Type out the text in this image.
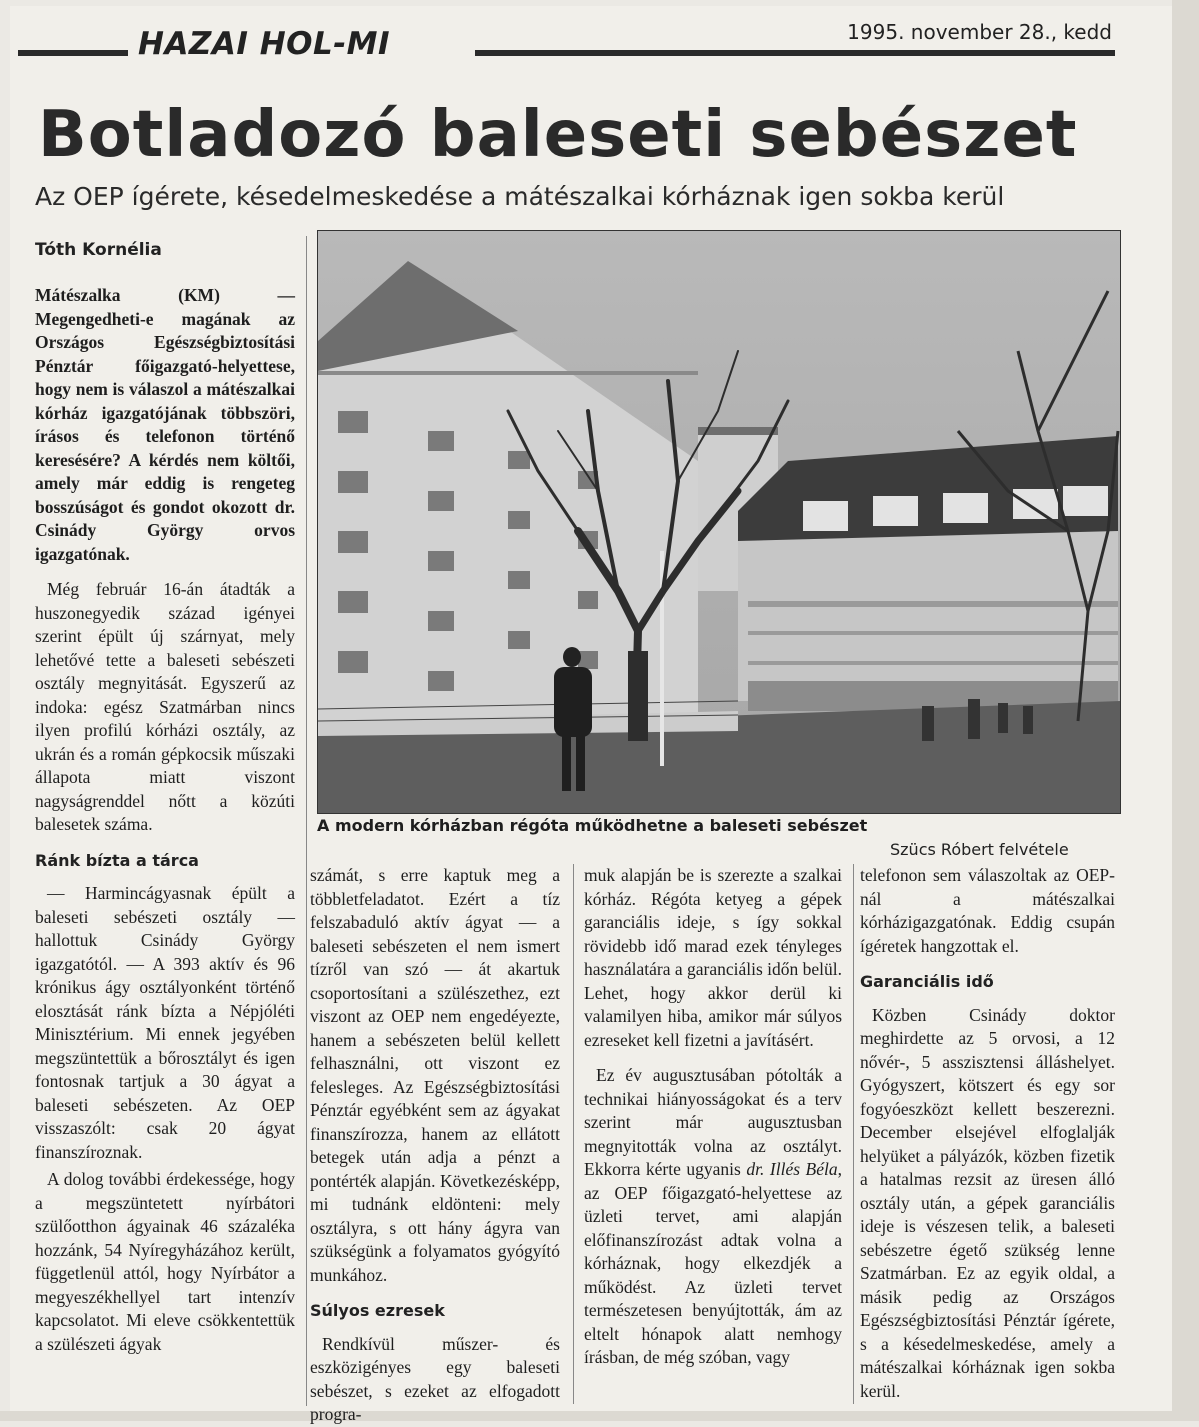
HAZAI HOL-MI	1995. november 28., kedd
Botladozó baleseti sebészet
Az OEP ígérete, késedelmeskedése a mátészalkai kórháznak igen sokba kerül
Tóth Kornélia

Mátészalka (KM) — Megengedheti-e magának az Országos Egészségbiztosítási Pénztár főigazgató-helyettese, hogy nem is válaszol a mátészalkai kórház igazgatójának többszöri, írásos és telefonon történő keresésére? A kérdés nem költői, amely már eddig is rengeteg bosszúságot és gondot okozott dr. Csinády György orvos igazgatónak.

Még február 16-án átadták a huszonegyedik század igényei szerint épült új szárnyat, mely lehetővé tette a baleseti sebészeti osztály megnyitását. Egyszerű az indoka: egész Szatmárban nincs ilyen profilú kórházi osztály, az ukrán és a román gépkocsik műszaki állapota miatt viszont nagyságrenddel nőtt a közúti balesetek száma.

Ránk bízta a tárca

— Harmincágyasnak épült a baleseti sebészeti osztály — hallottuk Csinády György igazgatótól. — A 393 aktív és 96 krónikus ágy osztályonként történő elosztását ránk bízta a Népjóléti Minisztérium. Mi ennek jegyében megszüntettük a bőrosztályt és igen fontosnak tartjuk a 30 ágyat a baleseti sebészeten. Az OEP visszaszólt: csak 20 ágyat finanszíroznak.

A dolog további érdekessége, hogy a megszüntetett nyírbátori szülőotthon ágyainak 46 százaléka hozzánk, 54 Nyíregyházához került, függetlenül attól, hogy Nyírbátor a megyeszékhellyel tart intenzív kapcsolatot. Mi eleve csökkentettük a szülészeti ágyak

A modern kórházban régóta működhetne a baleseti sebészet
Szücs Róbert felvétele

számát, s erre kaptuk meg a többletfeladatot. Ezért a tíz felszabaduló aktív ágyat — a baleseti sebészeten el nem ismert tízről van szó — át akartuk csoportosítani a szülészethez, ezt viszont az OEP nem engedéyezte, hanem a sebészeten belül kellett felhasználni, ott viszont ez felesleges. Az Egészségbiztosítási Pénztár egyébként sem az ágyakat finanszírozza, hanem az ellátott betegek után adja a pénzt a pontérték alapján. Következésképp, mi tudnánk eldönteni: mely osztályra, s ott hány ágyra van szükségünk a folyamatos gyógyító munkához.

Súlyos ezresek

Rendkívül műszer- és eszközigényes egy baleseti sebészet, s ezeket az elfogadott progra-

muk alapján be is szerezte a szalkai kórház. Régóta ketyeg a gépek garanciális ideje, s így sokkal rövidebb idő marad ezek tényleges használatára a garanciális időn belül. Lehet, hogy akkor derül ki valamilyen hiba, amikor már súlyos ezreseket kell fizetni a javításért.

Ez év augusztusában pótolták a technikai hiányosságokat és a terv szerint már augusztusban megnyitották volna az osztályt. Ekkorra kérte ugyanis dr. Illés Béla, az OEP főigazgató-helyettese az üzleti tervet, ami alapján előfinanszírozást adtak volna a kórháznak, hogy elkezdjék a működést. Az üzleti tervet természetesen benyújtották, ám az eltelt hónapok alatt nemhogy írásban, de még szóban, vagy

telefonon sem válaszoltak az OEP-nál a mátészalkai kórházigazgatónak. Eddig csupán ígéretek hangzottak el.

Garanciális idő

Közben Csinády doktor meghirdette az 5 orvosi, a 12 nővér-, 5 asszisztensi álláshelyet. Gyógyszert, kötszert és egy sor fogyóeszközt kellett beszerezni. December elsejével elfoglalják helyüket a pályázók, közben fizetik a hatalmas rezsit az üresen álló osztály után, a gépek garanciális ideje is vészesen telik, a baleseti sebészetre égető szükség lenne Szatmárban. Ez az egyik oldal, a másik pedig az Országos Egészségbiztosítási Pénztár ígérete, s a késedelmeskedése, amely a mátészalkai kórháznak igen sokba kerül.
